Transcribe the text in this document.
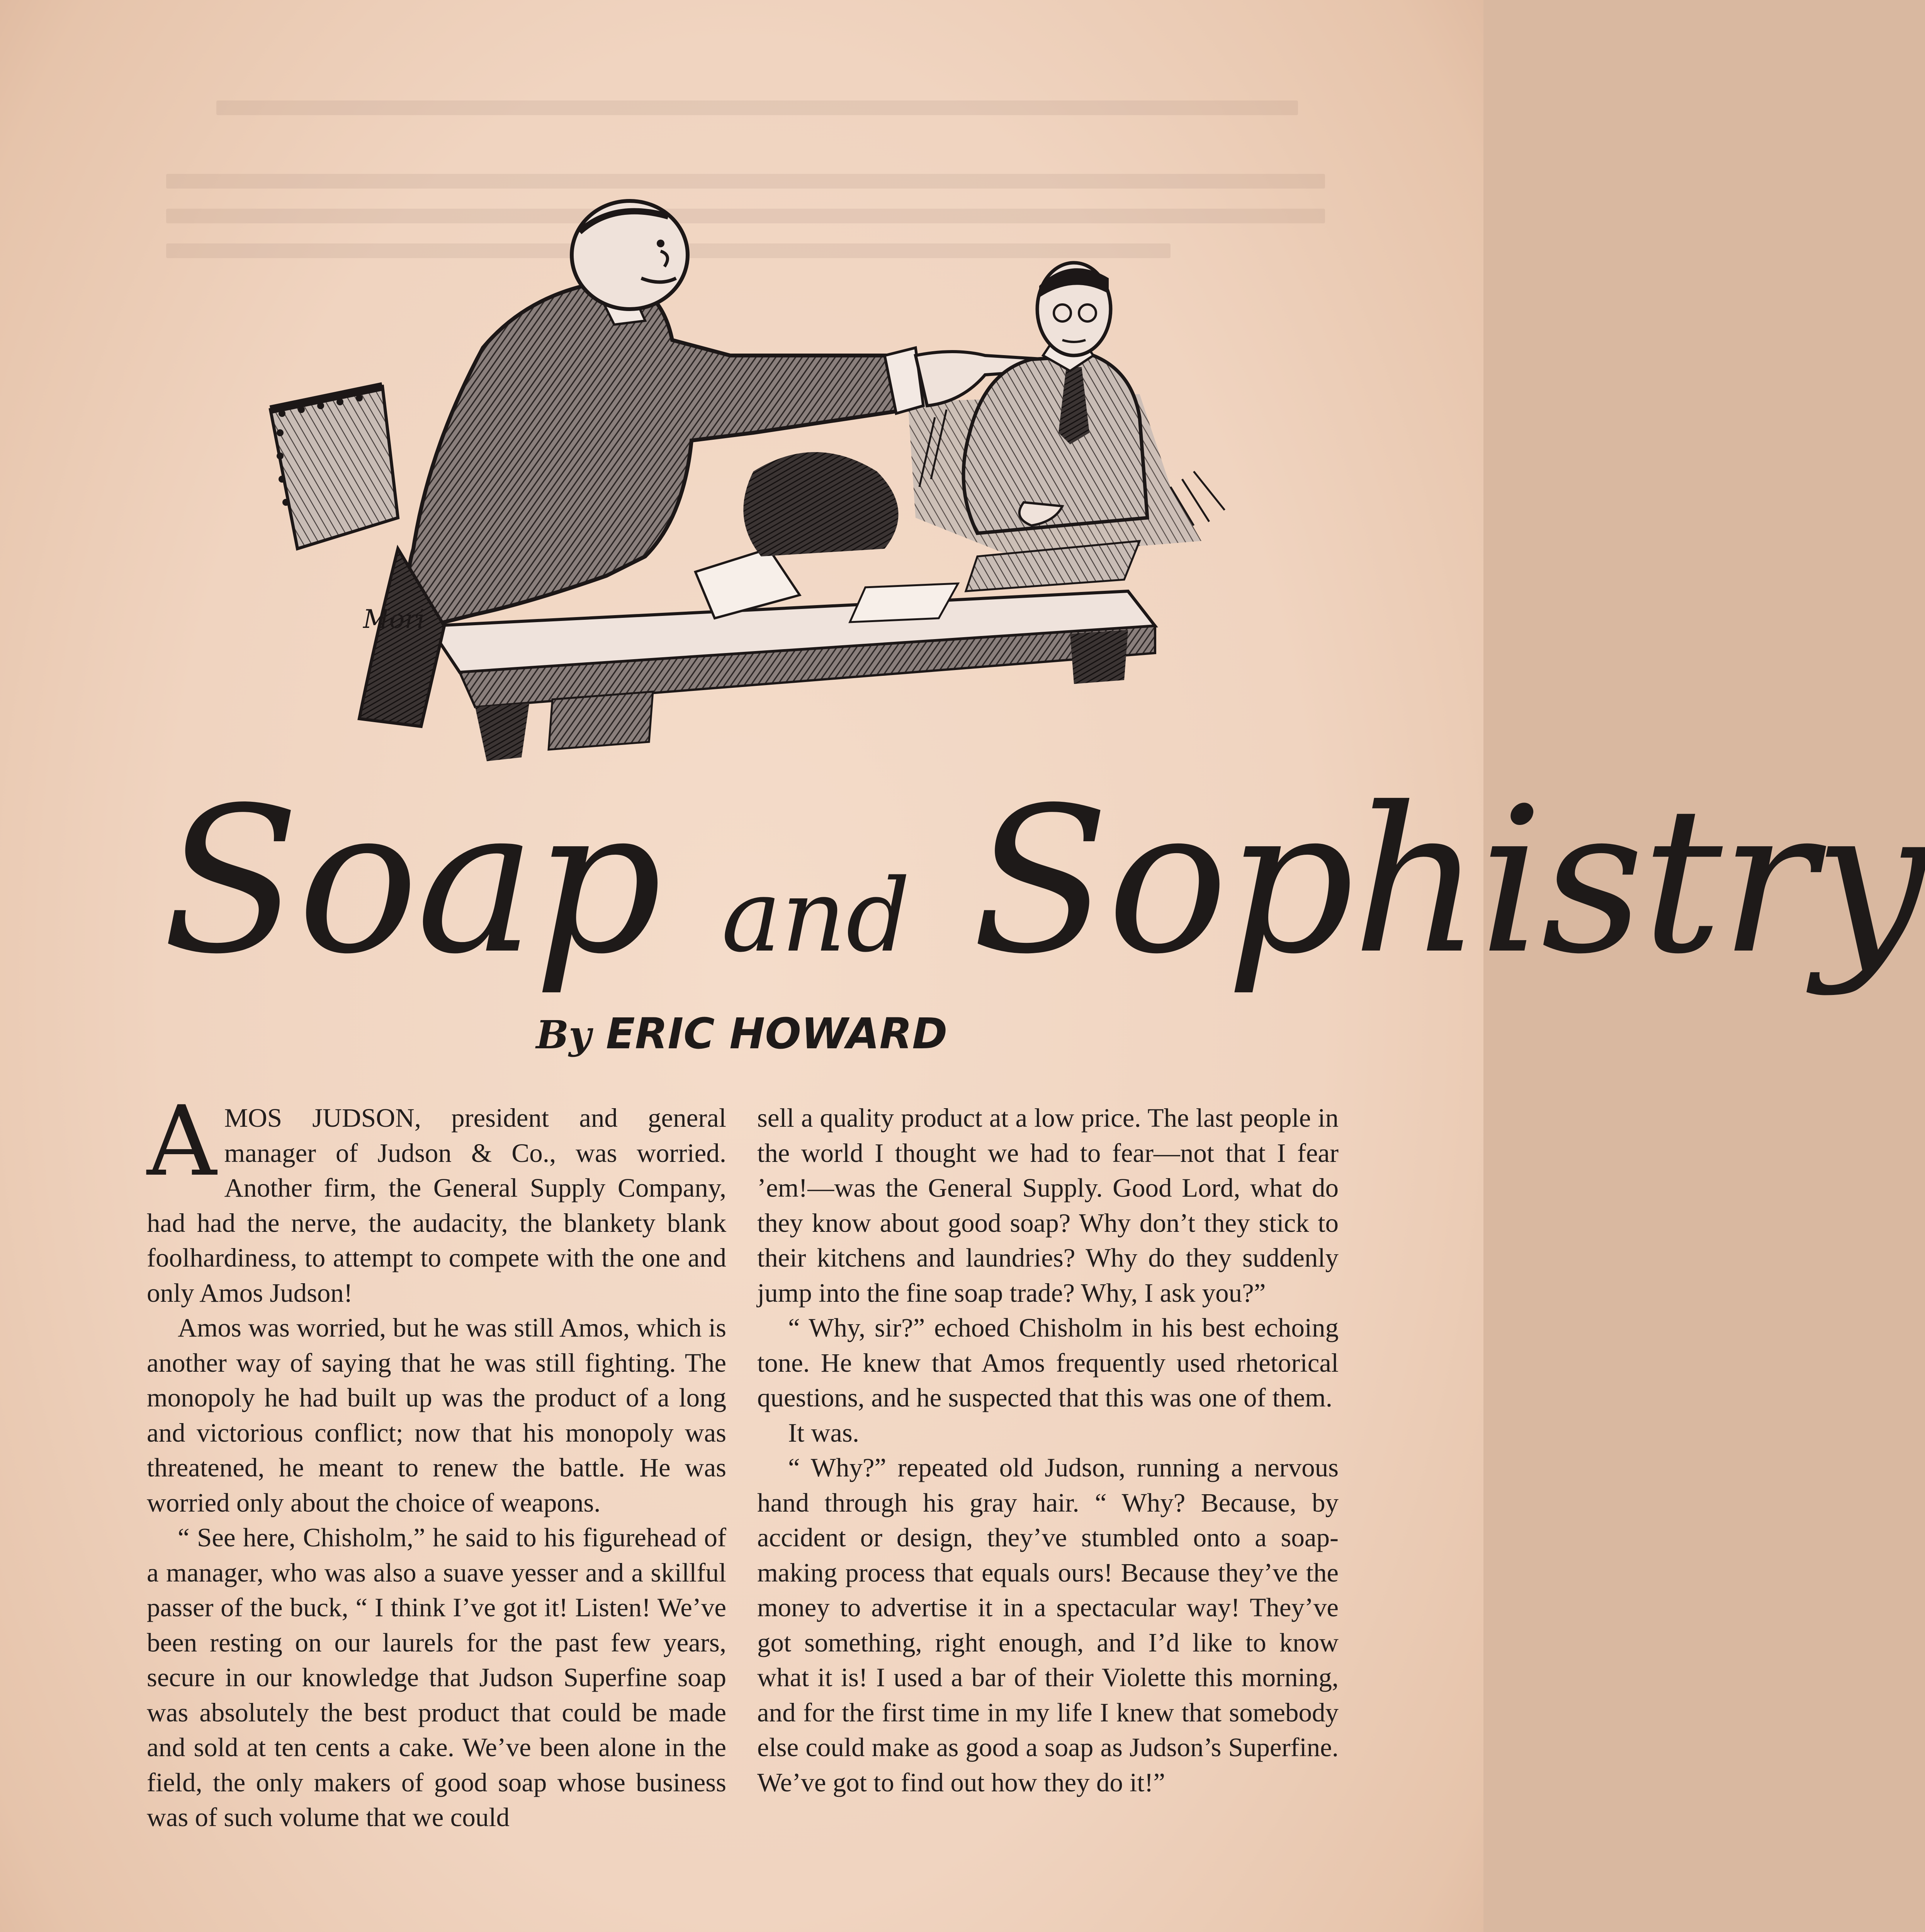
Mori
Soap and Sophistry
By ERIC HOWARD

AMOS JUDSON, president and general manager of Judson & Co., was worried. Another firm, the General Supply Company, had had the nerve, the audacity, the blankety blank foolhardiness, to attempt to compete with the one and only Amos Judson!

Amos was worried, but he was still Amos, which is another way of saying that he was still fighting. The monopoly he had built up was the product of a long and victorious conflict; now that his monopoly was threatened, he meant to renew the battle. He was worried only about the choice of weapons.

“ See here, Chisholm,” he said to his figurehead of a manager, who was also a suave yesser and a skillful passer of the buck, “ I think I’ve got it! Listen! We’ve been resting on our laurels for the past few years, secure in our knowledge that Judson Superfine soap was absolutely the best product that could be made and sold at ten cents a cake. We’ve been alone in the field, the only makers of good soap whose business was of such volume that we could

sell a quality product at a low price. The last people in the world I thought we had to fear—not that I fear ’em!—was the General Supply. Good Lord, what do they know about good soap? Why don’t they stick to their kitchens and laundries? Why do they suddenly jump into the fine soap trade? Why, I ask you?”

“ Why, sir?” echoed Chisholm in his best echoing tone. He knew that Amos frequently used rhetorical questions, and he suspected that this was one of them.

It was.

“ Why?” repeated old Judson, running a nervous hand through his gray hair. “ Why? Because, by accident or design, they’ve stumbled onto a soap-making process that equals ours! Because they’ve the money to advertise it in a spectacular way! They’ve got something, right enough, and I’d like to know what it is! I used a bar of their Violette this morning, and for the first time in my life I knew that somebody else could make as good a soap as Judson’s Superfine. We’ve got to find out how they do it!”
